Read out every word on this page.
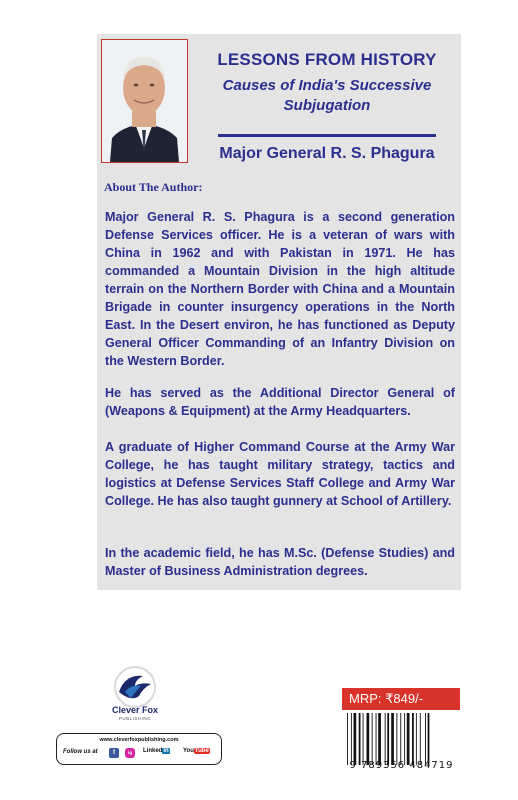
LESSONS FROM HISTORY
Causes of India's Successive
Subjugation
Major General R. S. Phagura
About The Author:
Major General R. S. Phagura is a second generation Defense Services officer. He is a veteran of wars with China in 1962 and with Pakistan in 1971. He has commanded a Mountain Division in the high altitude terrain on the Northern Border with China and a Mountain Brigade in counter insurgency operations in the North East. In the Desert environ, he has functioned as Deputy General Officer Commanding of an Infantry Division on the Western Border.
He has served as the Additional Director General of (Weapons & Equipment) at the Army Headquarters.
A graduate of Higher Command Course at the Army War College, he has taught military strategy, tactics and logistics at Defense Services Staff College and Army War College. He has also taught gunnery at School of Artillery.
In the academic field, he has M.Sc. (Defense Studies) and Master of Business Administration degrees.
Clever Fox
PUBLISHING
www.cleverfoxpublishing.com
Follow us at	f	ig	Linkedin YouTube
MRP: ₹849/-
9 789356 484719
